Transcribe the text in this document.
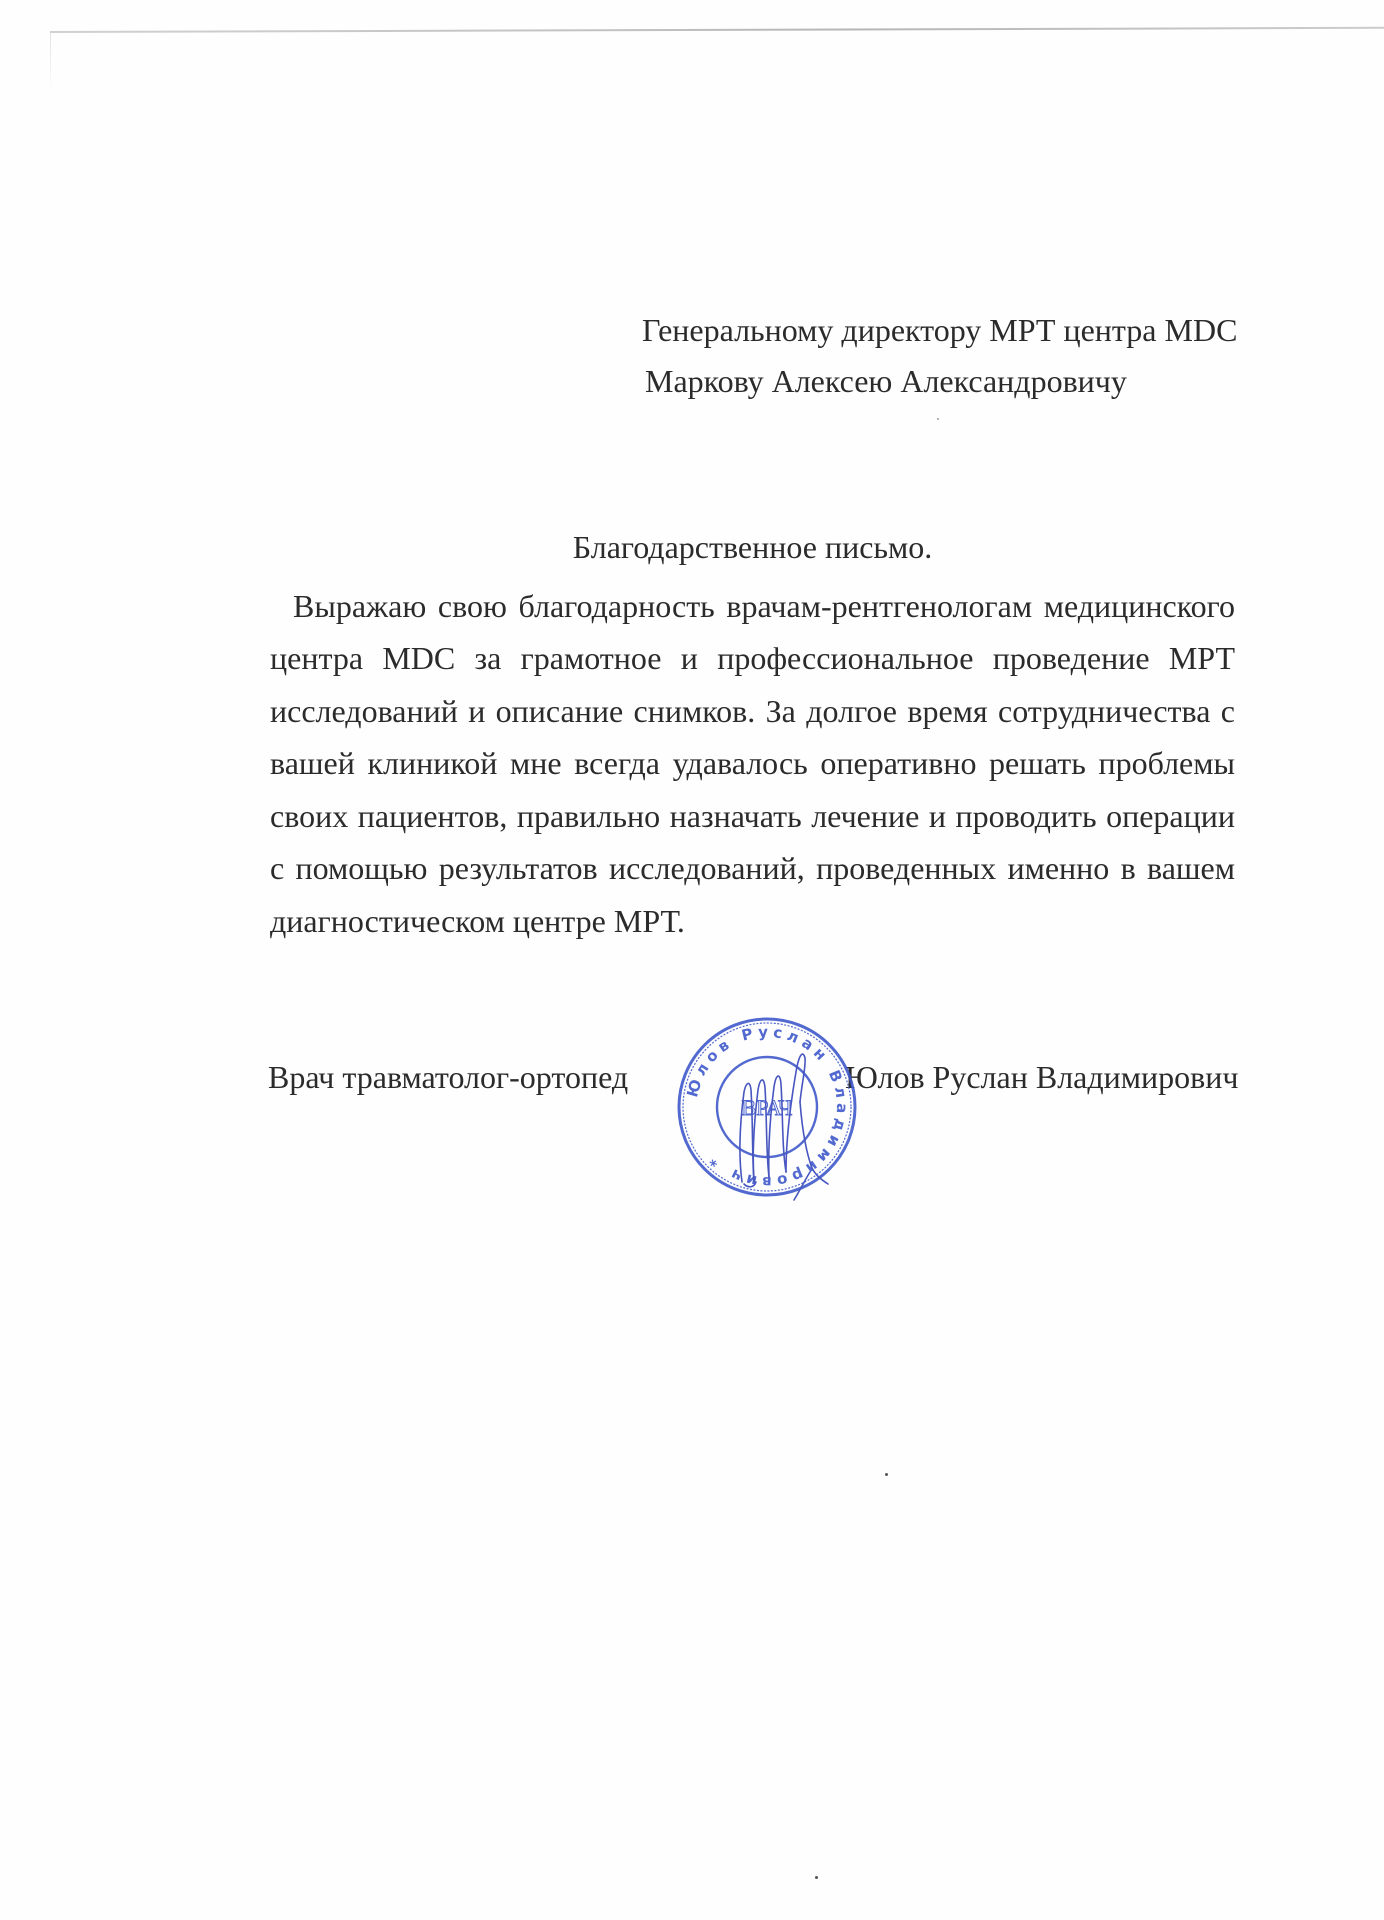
Генеральному директору МРТ центра MDC
Маркову Алексею Александровичу
Благодарственное письмо.
Выражаю свою благодарность врачам-рентгенологам медицинского
центра MDC за грамотное и профессиональное проведение МРТ
исследований и описание снимков. За долгое время сотрудничества с
вашей клиникой мне всегда удавалось оперативно решать проблемы
своих пациентов, правильно назначать лечение и проводить операции
с помощью результатов исследований, проведенных именно в вашем
диагностическом центре МРТ.
Врач травматолог-ортопед	Юлов Руслан Владимирович
Юлов Руслан Владимирович *
ВРАЧ
